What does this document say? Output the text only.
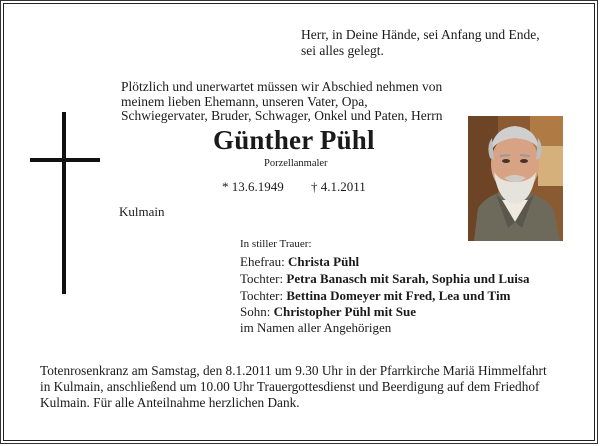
Herr, in Deine Hände, sei Anfang und Ende,
sei alles gelegt.
Plötzlich und unerwartet müssen wir Abschied nehmen von
meinem lieben Ehemann, unseren Vater, Opa,
Schwiegervater, Bruder, Schwager, Onkel und Paten, Herrn
Günther Pühl
Porzellanmaler
* 13.6.1949 † 4.1.2011
Kulmain
In stiller Trauer:
Ehefrau: Christa Pühl
Tochter: Petra Banasch mit Sarah, Sophia und Luisa
Tochter: Bettina Domeyer mit Fred, Lea und Tim
Sohn: Christopher Pühl mit Sue
im Namen aller Angehörigen
Totenrosenkranz am Samstag, den 8.1.2011 um 9.30 Uhr in der Pfarrkirche Mariä Himmelfahrt
in Kulmain, anschließend um 10.00 Uhr Trauergottesdienst und Beerdigung auf dem Friedhof
Kulmain. Für alle Anteilnahme herzlichen Dank.
